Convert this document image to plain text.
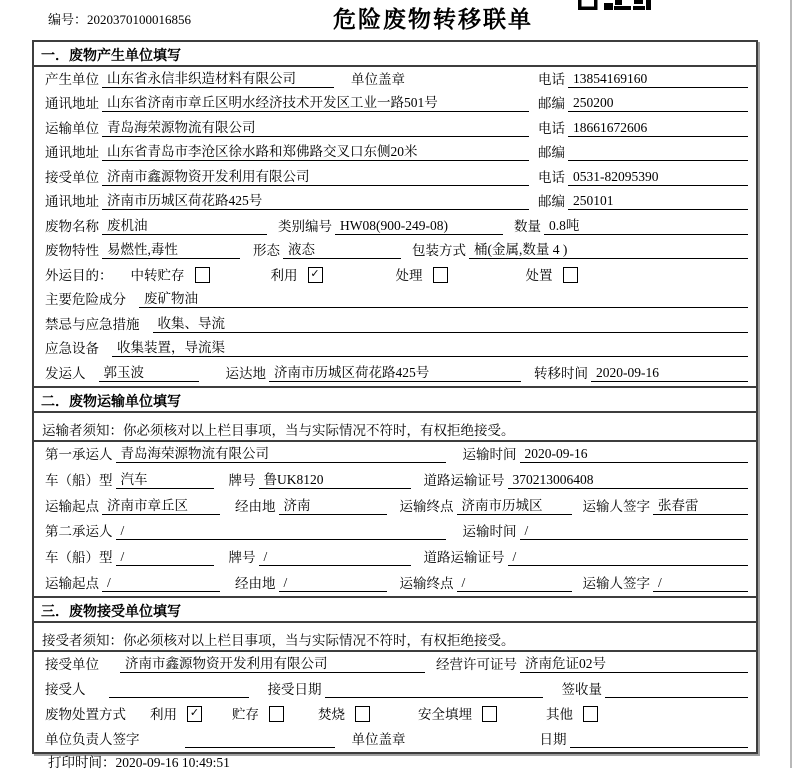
编号：2020370100016856	危险废物转移联单
一．废物产生单位填写
产生单位 山东省永信非织造材料有限公司	单位盖章	电话 13854169160
通讯地址 山东省济南市章丘区明水经济技术开发区工业一路501号	邮编 250200
运输单位 青岛海荣源物流有限公司	电话 18661672606
通讯地址 山东省青岛市李沧区徐水路和郑佛路交叉口东侧20米	邮编
接受单位 济南市鑫源物资开发利用有限公司	电话 0531-82095390
通讯地址 济南市历城区荷花路425号	邮编 250101
废物名称 废机油	类别编号 HW08(900-249-08)	数量 0.8吨
废物特性 易燃性,毒性	形态 液态	包装方式 桶(金属,数量 4 )
外运目的： 中转贮存	利用 ✓	处理	处置
主要危险成分	废矿物油
禁忌与应急措施	收集、导流
应急设备	收集装置，导流渠
发运人	郭玉波	运达地 济南市历城区荷花路425号	转移时间 2020-09-16
二．废物运输单位填写
运输者须知：你必须核对以上栏目事项，当与实际情况不符时，有权拒绝接受。
第一承运人 青岛海荣源物流有限公司	运输时间 2020-09-16
车（船）型 汽车	牌号 鲁UK8120	道路运输证号 370213006408
运输起点 济南市章丘区	经由地 济南	运输终点 济南市历城区	运输人签字 张春雷
第二承运人 /	运输时间 /
车（船）型 /	牌号 /	道路运输证号 /
运输起点 /	经由地 /	运输终点 /	运输人签字 /
三．废物接受单位填写
接受者须知：你必须核对以上栏目事项，当与实际情况不符时，有权拒绝接受。
接受单位	济南市鑫源物资开发利用有限公司	经营许可证号 济南危证02号
接受人	接受日期	签收量
废物处置方式 利用 ✓ 贮存	焚烧	安全填埋	其他
单位负责人签字	单位盖章	日期
打印时间：2020-09-16 10:49:51
